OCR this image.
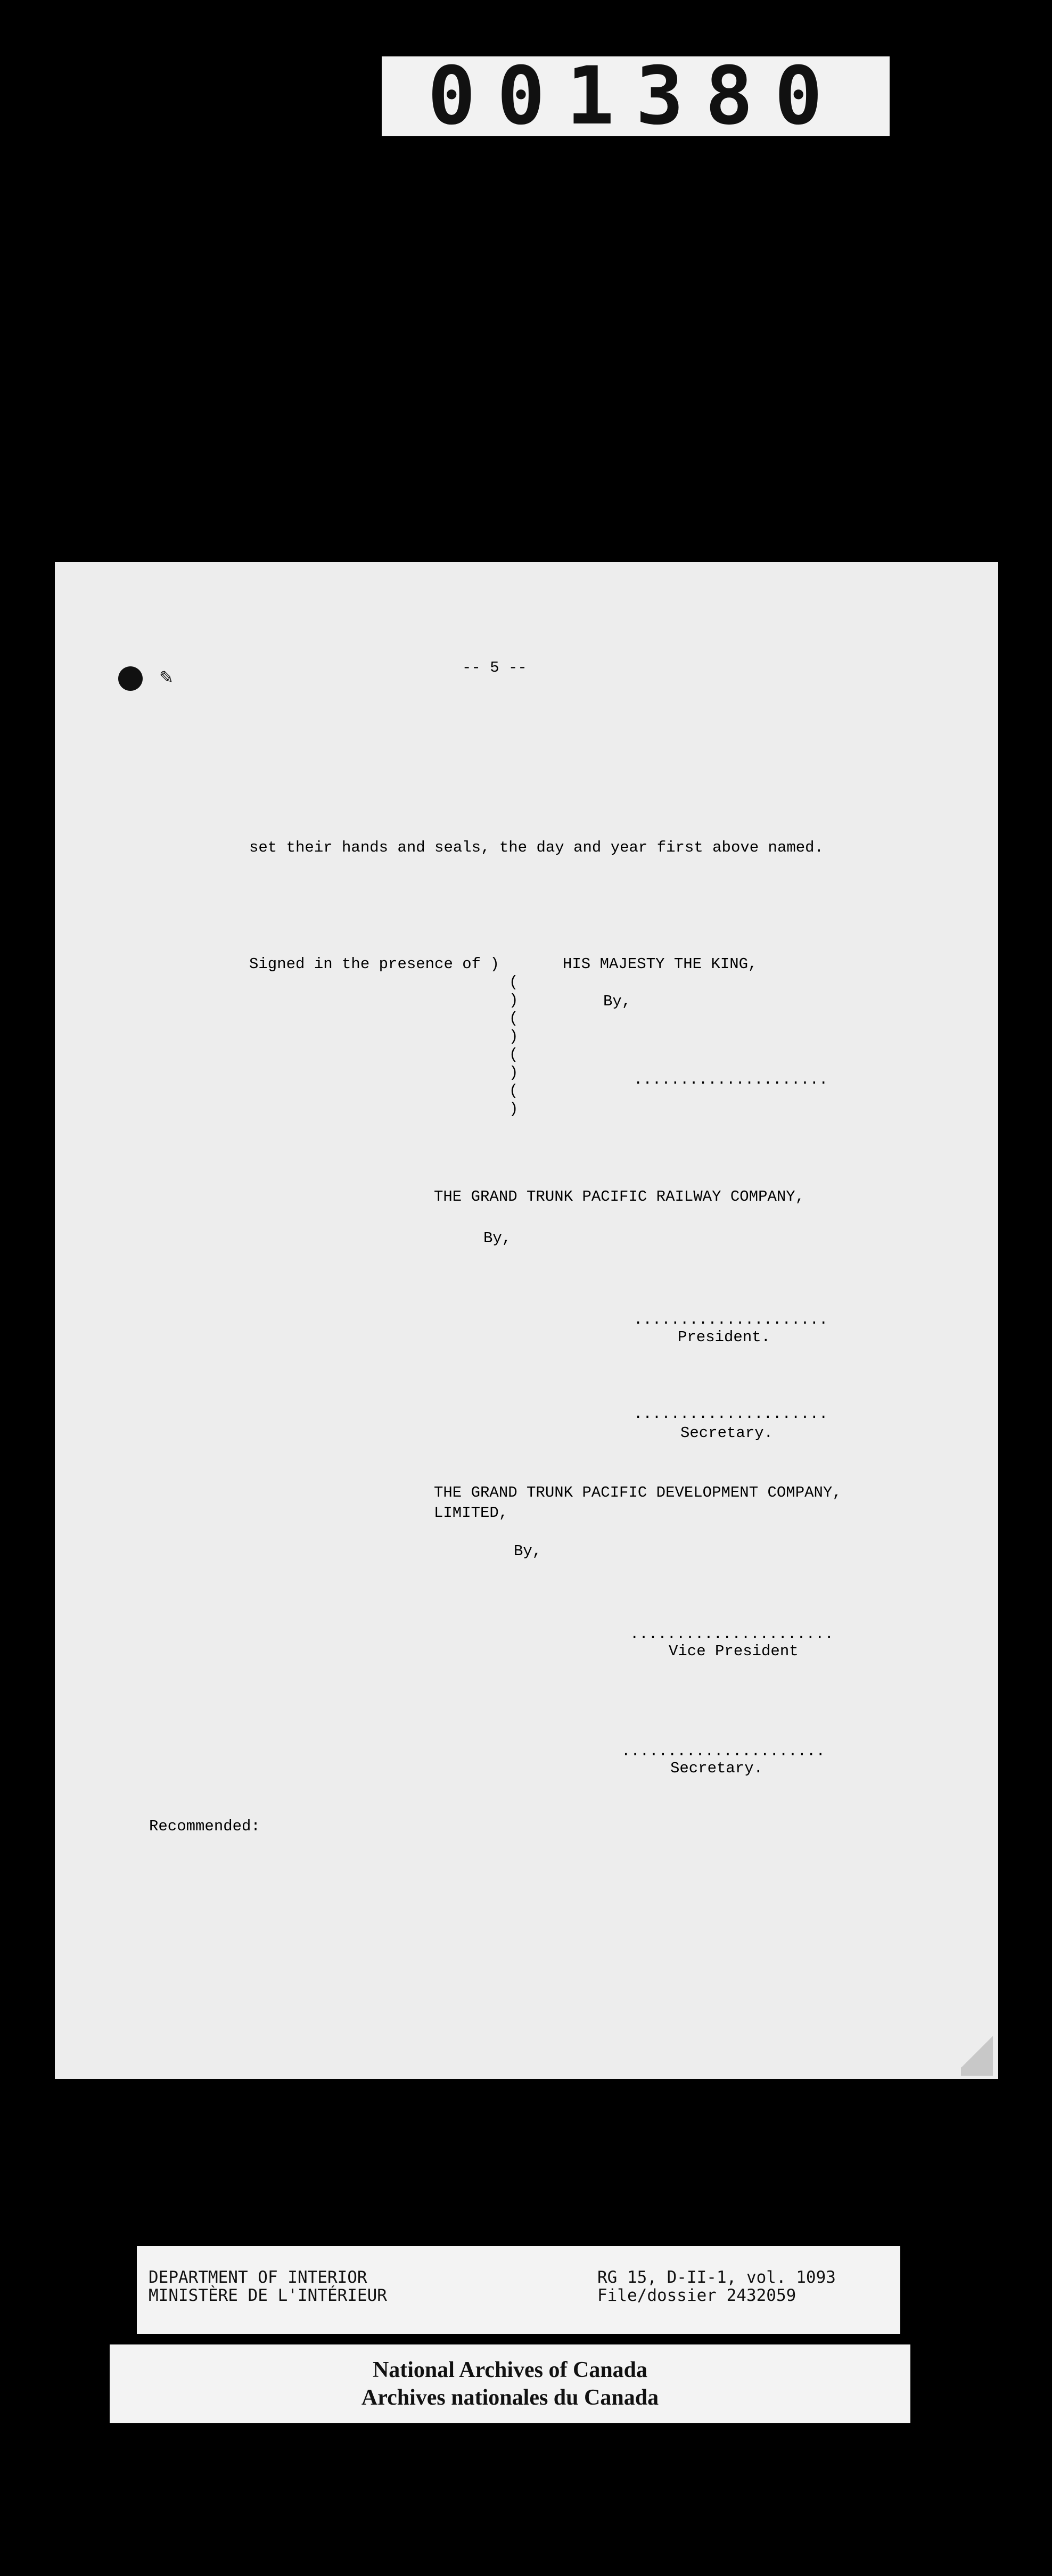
001380
✎	-- 5 --
set their hands and seals, the day and year first above named.
Signed in the presence of )
(
)
(
)
(
)
(
)
HIS MAJESTY THE KING,
By,
.....................
THE GRAND TRUNK PACIFIC RAILWAY COMPANY,
By,
.....................
President.
.....................
Secretary.
THE GRAND TRUNK PACIFIC DEVELOPMENT COMPANY,
LIMITED,
By,
......................
Vice President
......................
Secretary.
Recommended:
DEPARTMENT OF INTERIOR
MINISTÈRE DE L'INTÉRIEUR
RG 15, D-II-1, vol. 1093
File/dossier 2432059
National Archives of Canada
Archives nationales du Canada
